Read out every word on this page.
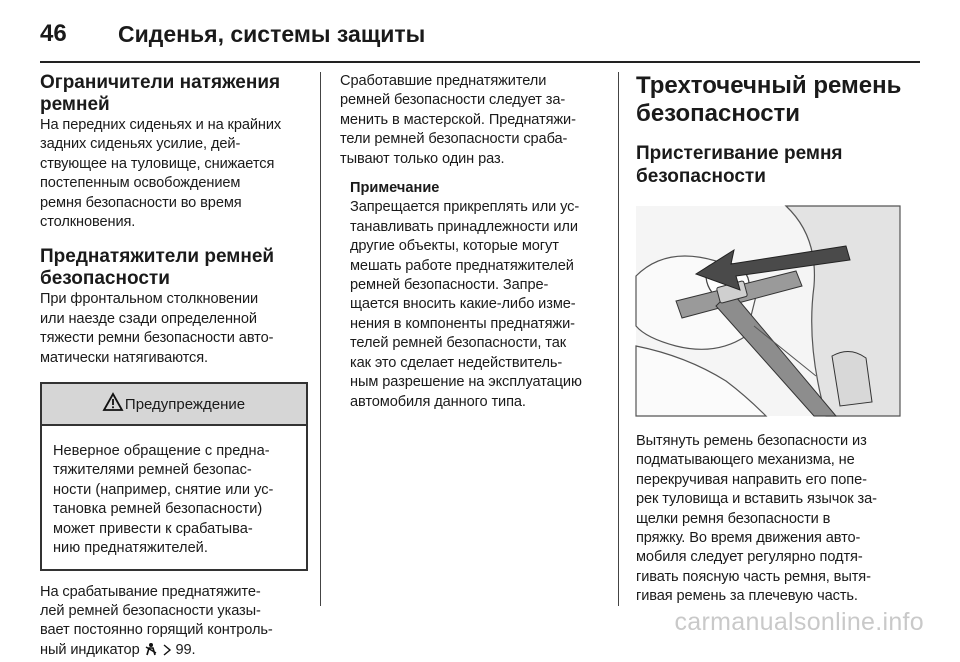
46	Сиденья, системы защиты
Ограничители натяжения
ремней
На передних сиденьях и на крайних
задних сиденьях усилие, дей-
ствующее на туловище, снижается
постепенным освобождением
ремня безопасности во время
столкновения.
Преднатяжители ремней
безопасности
При фронтальном столкновении
или наезде сзади определенной
тяжести ремни безопасности авто-
матически натягиваются.
Предупреждение
Неверное обращение с предна-
тяжителями ремней безопас-
ности (например, снятие или ус-
тановка ремней безопасности)
может привести к срабатыва-
нию преднатяжителей.
На срабатывание преднатяжите-
лей ремней безопасности указы-
вает постоянно горящий контроль-
ный индикатор 99.
Сработавшие преднатяжители
ремней безопасности следует за-
менить в мастерской. Преднатяжи-
тели ремней безопасности сраба-
тывают только один раз.
Примечание
Запрещается прикреплять или ус-
танавливать принадлежности или
другие объекты, которые могут
мешать работе преднатяжителей
ремней безопасности. Запре-
щается вносить какие-либо изме-
нения в компоненты преднатяжи-
телей ремней безопасности, так
как это сделает недействитель-
ным разрешение на эксплуатацию
автомобиля данного типа.
Трехточечный ремень
безопасности
Пристегивание ремня
безопасности
Вытянуть ремень безопасности из
подматывающего механизма, не
перекручивая направить его попе-
рек туловища и вставить язычок за-
щелки ремня безопасности в
пряжку. Во время движения авто-
мобиля следует регулярно подтя-
гивать поясную часть ремня, вытя-
гивая ремень за плечевую часть.
carmanualsonline.info
